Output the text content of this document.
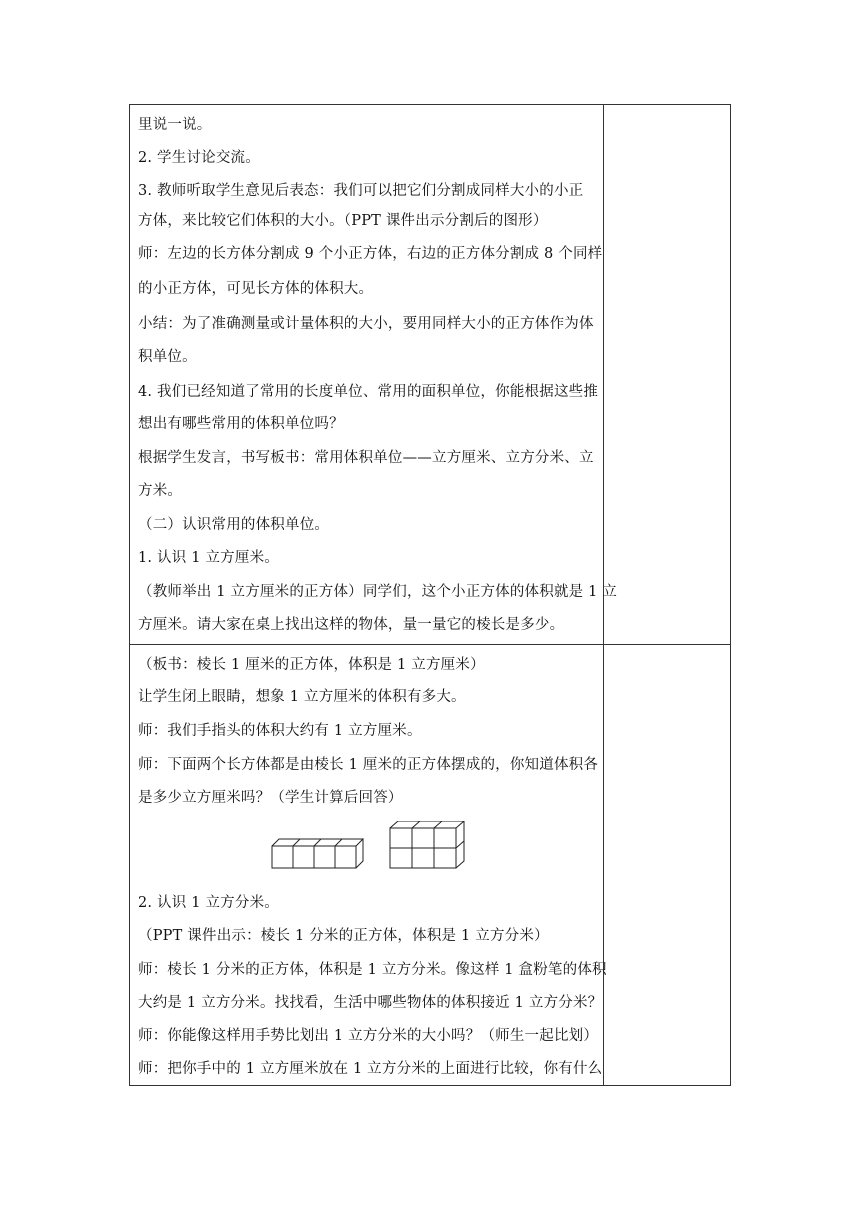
里说一说。
2. 学生讨论交流。
3. 教师听取学生意见后表态：我们可以把它们分割成同样大小的小正
方体，来比较它们体积的大小。（PPT 课件出示分割后的图形）
师：左边的长方体分割成 9 个小正方体，右边的正方体分割成 8 个同样
的小正方体，可见长方体的体积大。
小结：为了准确测量或计量体积的大小，要用同样大小的正方体作为体
积单位。
4. 我们已经知道了常用的长度单位、常用的面积单位，你能根据这些推
想出有哪些常用的体积单位吗？
根据学生发言，书写板书：常用体积单位——立方厘米、立方分米、立
方米。
（二）认识常用的体积单位。
1. 认识 1 立方厘米。
（教师举出 1 立方厘米的正方体）同学们，这个小正方体的体积就是 1 立
方厘米。请大家在桌上找出这样的物体，量一量它的棱长是多少。
（板书：棱长 1 厘米的正方体，体积是 1 立方厘米）
让学生闭上眼睛，想象 1 立方厘米的体积有多大。
师：我们手指头的体积大约有 1 立方厘米。
师：下面两个长方体都是由棱长 1 厘米的正方体摆成的，你知道体积各
是多少立方厘米吗？（学生计算后回答）
2. 认识 1 立方分米。
（PPT 课件出示：棱长 1 分米的正方体，体积是 1 立方分米）
师：棱长 1 分米的正方体，体积是 1 立方分米。像这样 1 盒粉笔的体积
大约是 1 立方分米。找找看，生活中哪些物体的体积接近 1 立方分米？
师：你能像这样用手势比划出 1 立方分米的大小吗？（师生一起比划）
师：把你手中的 1 立方厘米放在 1 立方分米的上面进行比较，你有什么
